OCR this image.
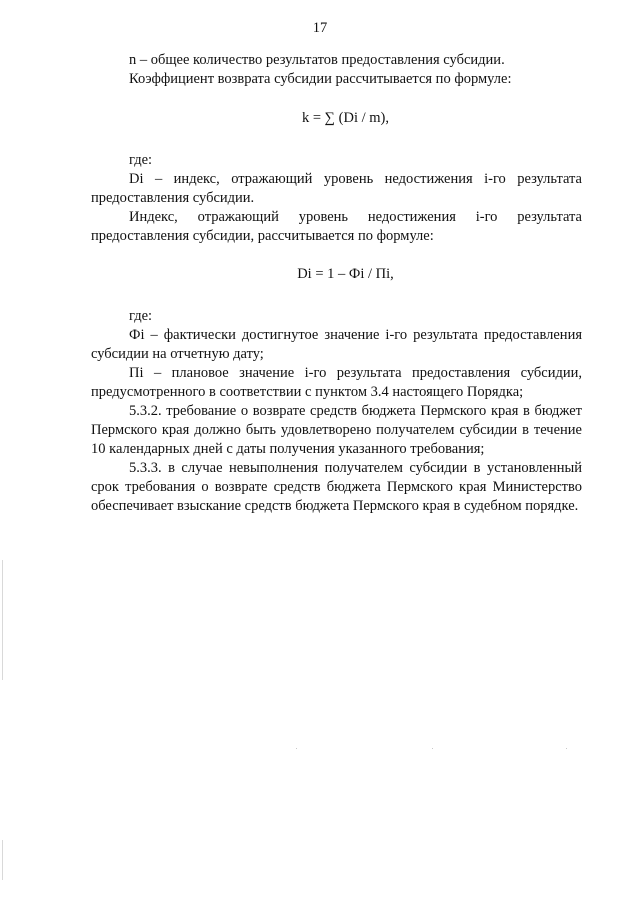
17

n – общее количество результатов предоставления субсидии.

Коэффициент возврата субсидии рассчитывается по формуле:

k = ∑ (Di / m),

где:

Di – индекс, отражающий уровень недостижения i-го результата предоставления субсидии.

Индекс, отражающий уровень недостижения i-го результата предоставления субсидии, рассчитывается по формуле:

Di = 1 – Фi / Пi,

где:

Фi – фактически достигнутое значение i-го результата предоставления субсидии на отчетную дату;

Пi – плановое значение i-го результата предоставления субсидии, предусмотренного в соответствии с пунктом 3.4 настоящего Порядка;

5.3.2. требование о возврате средств бюджета Пермского края в бюджет Пермского края должно быть удовлетворено получателем субсидии в течение 10 календарных дней с даты получения указанного требования;

5.3.3. в случае невыполнения получателем субсидии в установленный срок требования о возврате средств бюджета Пермского края Министерство обеспечивает взыскание средств бюджета Пермского края в судебном порядке.
